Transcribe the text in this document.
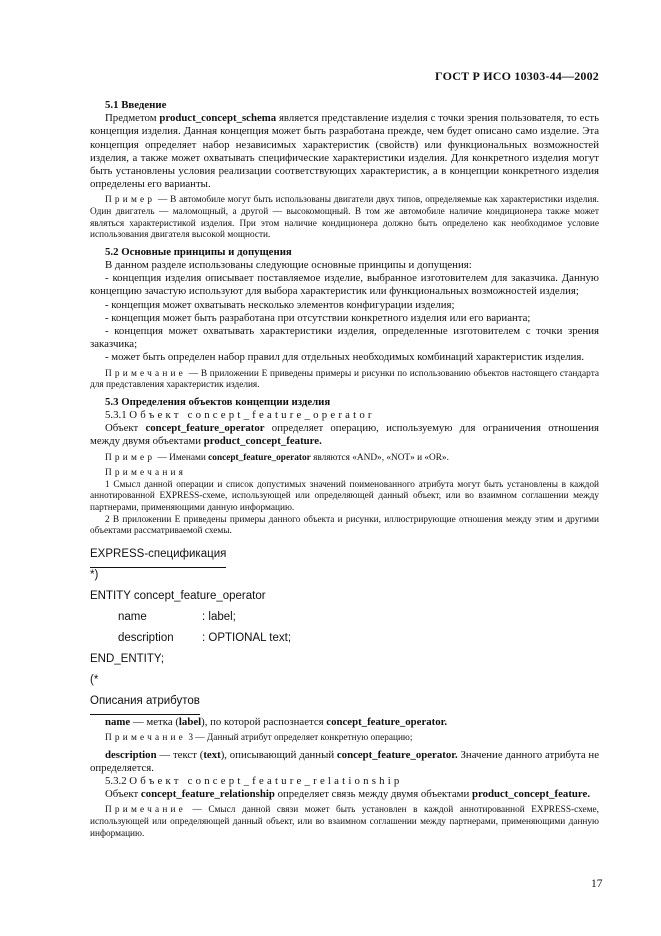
ГОСТ Р ИСО 10303-44—2002
5.1 Введение

Предметом product_concept_schema является представление изделия с точки зрения пользователя, то есть концепция изделия. Данная концепция может быть разработана прежде, чем будет описано само изделие. Эта концепция определяет набор независимых характеристик (свойств) или функциональных возможностей изделия, а также может охватывать специфические характеристики изделия. Для конкретного изделия могут быть установлены условия реализации соответствующих характеристик, а в концепции конкретного изделия определены его варианты.

Пример — В автомобиле могут быть использованы двигатели двух типов, определяемые как характеристики изделия. Один двигатель — маломощный, а другой — высокомощный. В том же автомобиле наличие кондиционера также может являться характеристикой изделия. При этом наличие кондиционера должно быть определено как необходимое условие использования двигателя высокой мощности.

5.2 Основные принципы и допущения

В данном разделе использованы следующие основные принципы и допущения:

- концепция изделия описывает поставляемое изделие, выбранное изготовителем для заказчика. Данную концепцию зачастую используют для выбора характеристик или функциональных возможностей изделия;

- концепция может охватывать несколько элементов конфигурации изделия;

- концепция может быть разработана при отсутствии конкретного изделия или его варианта;

- концепция может охватывать характеристики изделия, определенные изготовителем с точки зрения заказчика;

- может быть определен набор правил для отдельных необходимых комбинаций характеристик изделия.

Примечание — В приложении E приведены примеры и рисунки по использованию объектов настоящего стандарта для представления характеристик изделия.

5.3 Определения объектов концепции изделия

5.3.1 Объект concept_feature_operator

Объект concept_feature_operator определяет операцию, используемую для ограничения отношения между двумя объектами product_concept_feature.

Пример — Именами concept_feature_operator являются «AND», «NOT» и «OR».

Примечания

1 Смысл данной операции и список допустимых значений поименованного атрибута могут быть установлены в каждой аннотированной EXPRESS-схеме, использующей или определяющей данный объект, или во взаимном соглашении между партнерами, применяющими данную информацию.

2 В приложении E приведены примеры данного объекта и рисунки, иллюстрирующие отношения между этим и другими объектами рассматриваемой схемы.

EXPRESS-спецификация
*)
ENTITY concept_feature_operator
name	: label;
description	: OPTIONAL text;
END_ENTITY;
(*
Описания атрибутов

name — метка (label), по которой распознается concept_feature_operator.

Примечание 3 — Данный атрибут определяет конкретную операцию;

description — текст (text), описывающий данный concept_feature_operator. Значение данного атрибута не определяется.

5.3.2 Объект concept_feature_relationship

Объект concept_feature_relationship определяет связь между двумя объектами product_concept_feature.

Примечание — Смысл данной связи может быть установлен в каждой аннотированной EXPRESS-схеме, использующей или определяющей данный объект, или во взаимном соглашении между партнерами, применяющими данную информацию.

17
